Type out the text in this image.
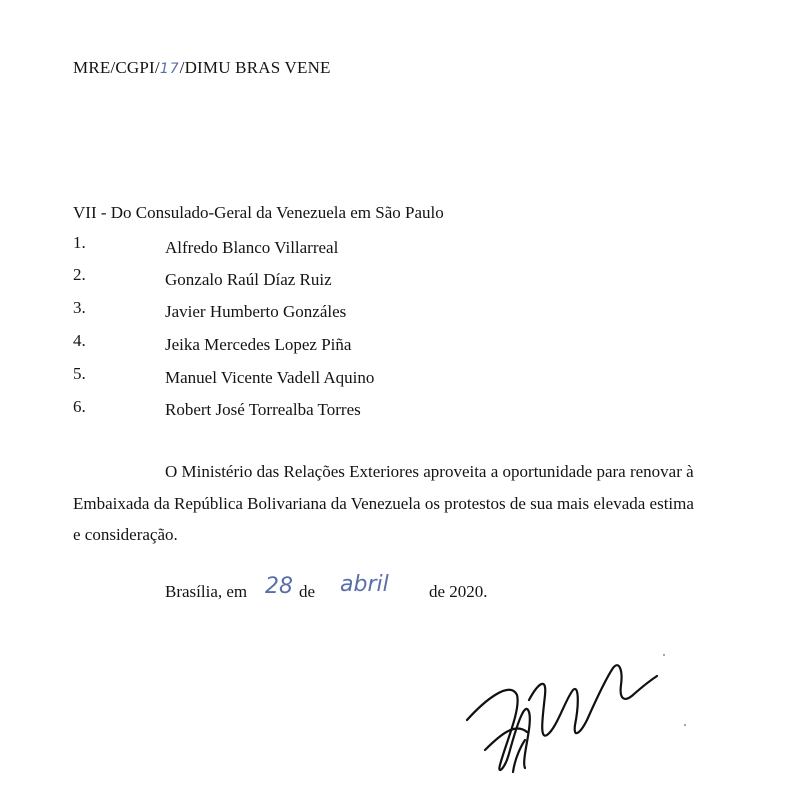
MRE/CGPI/17/DIMU BRAS VENE
VII - Do Consulado-Geral da Venezuela em São Paulo
1.	Alfredo Blanco Villarreal
2.	Gonzalo Raúl Díaz Ruiz
3.	Javier Humberto Gonzáles
4.	Jeika Mercedes Lopez Piña
5.	Manuel Vicente Vadell Aquino
6.	Robert José Torrealba Torres
O Ministério das Relações Exteriores aproveita a oportunidade para renovar à
Embaixada da República Bolivariana da Venezuela os protestos de sua mais elevada estima
e consideração.
Brasília, em 28 de abril de 2020.
